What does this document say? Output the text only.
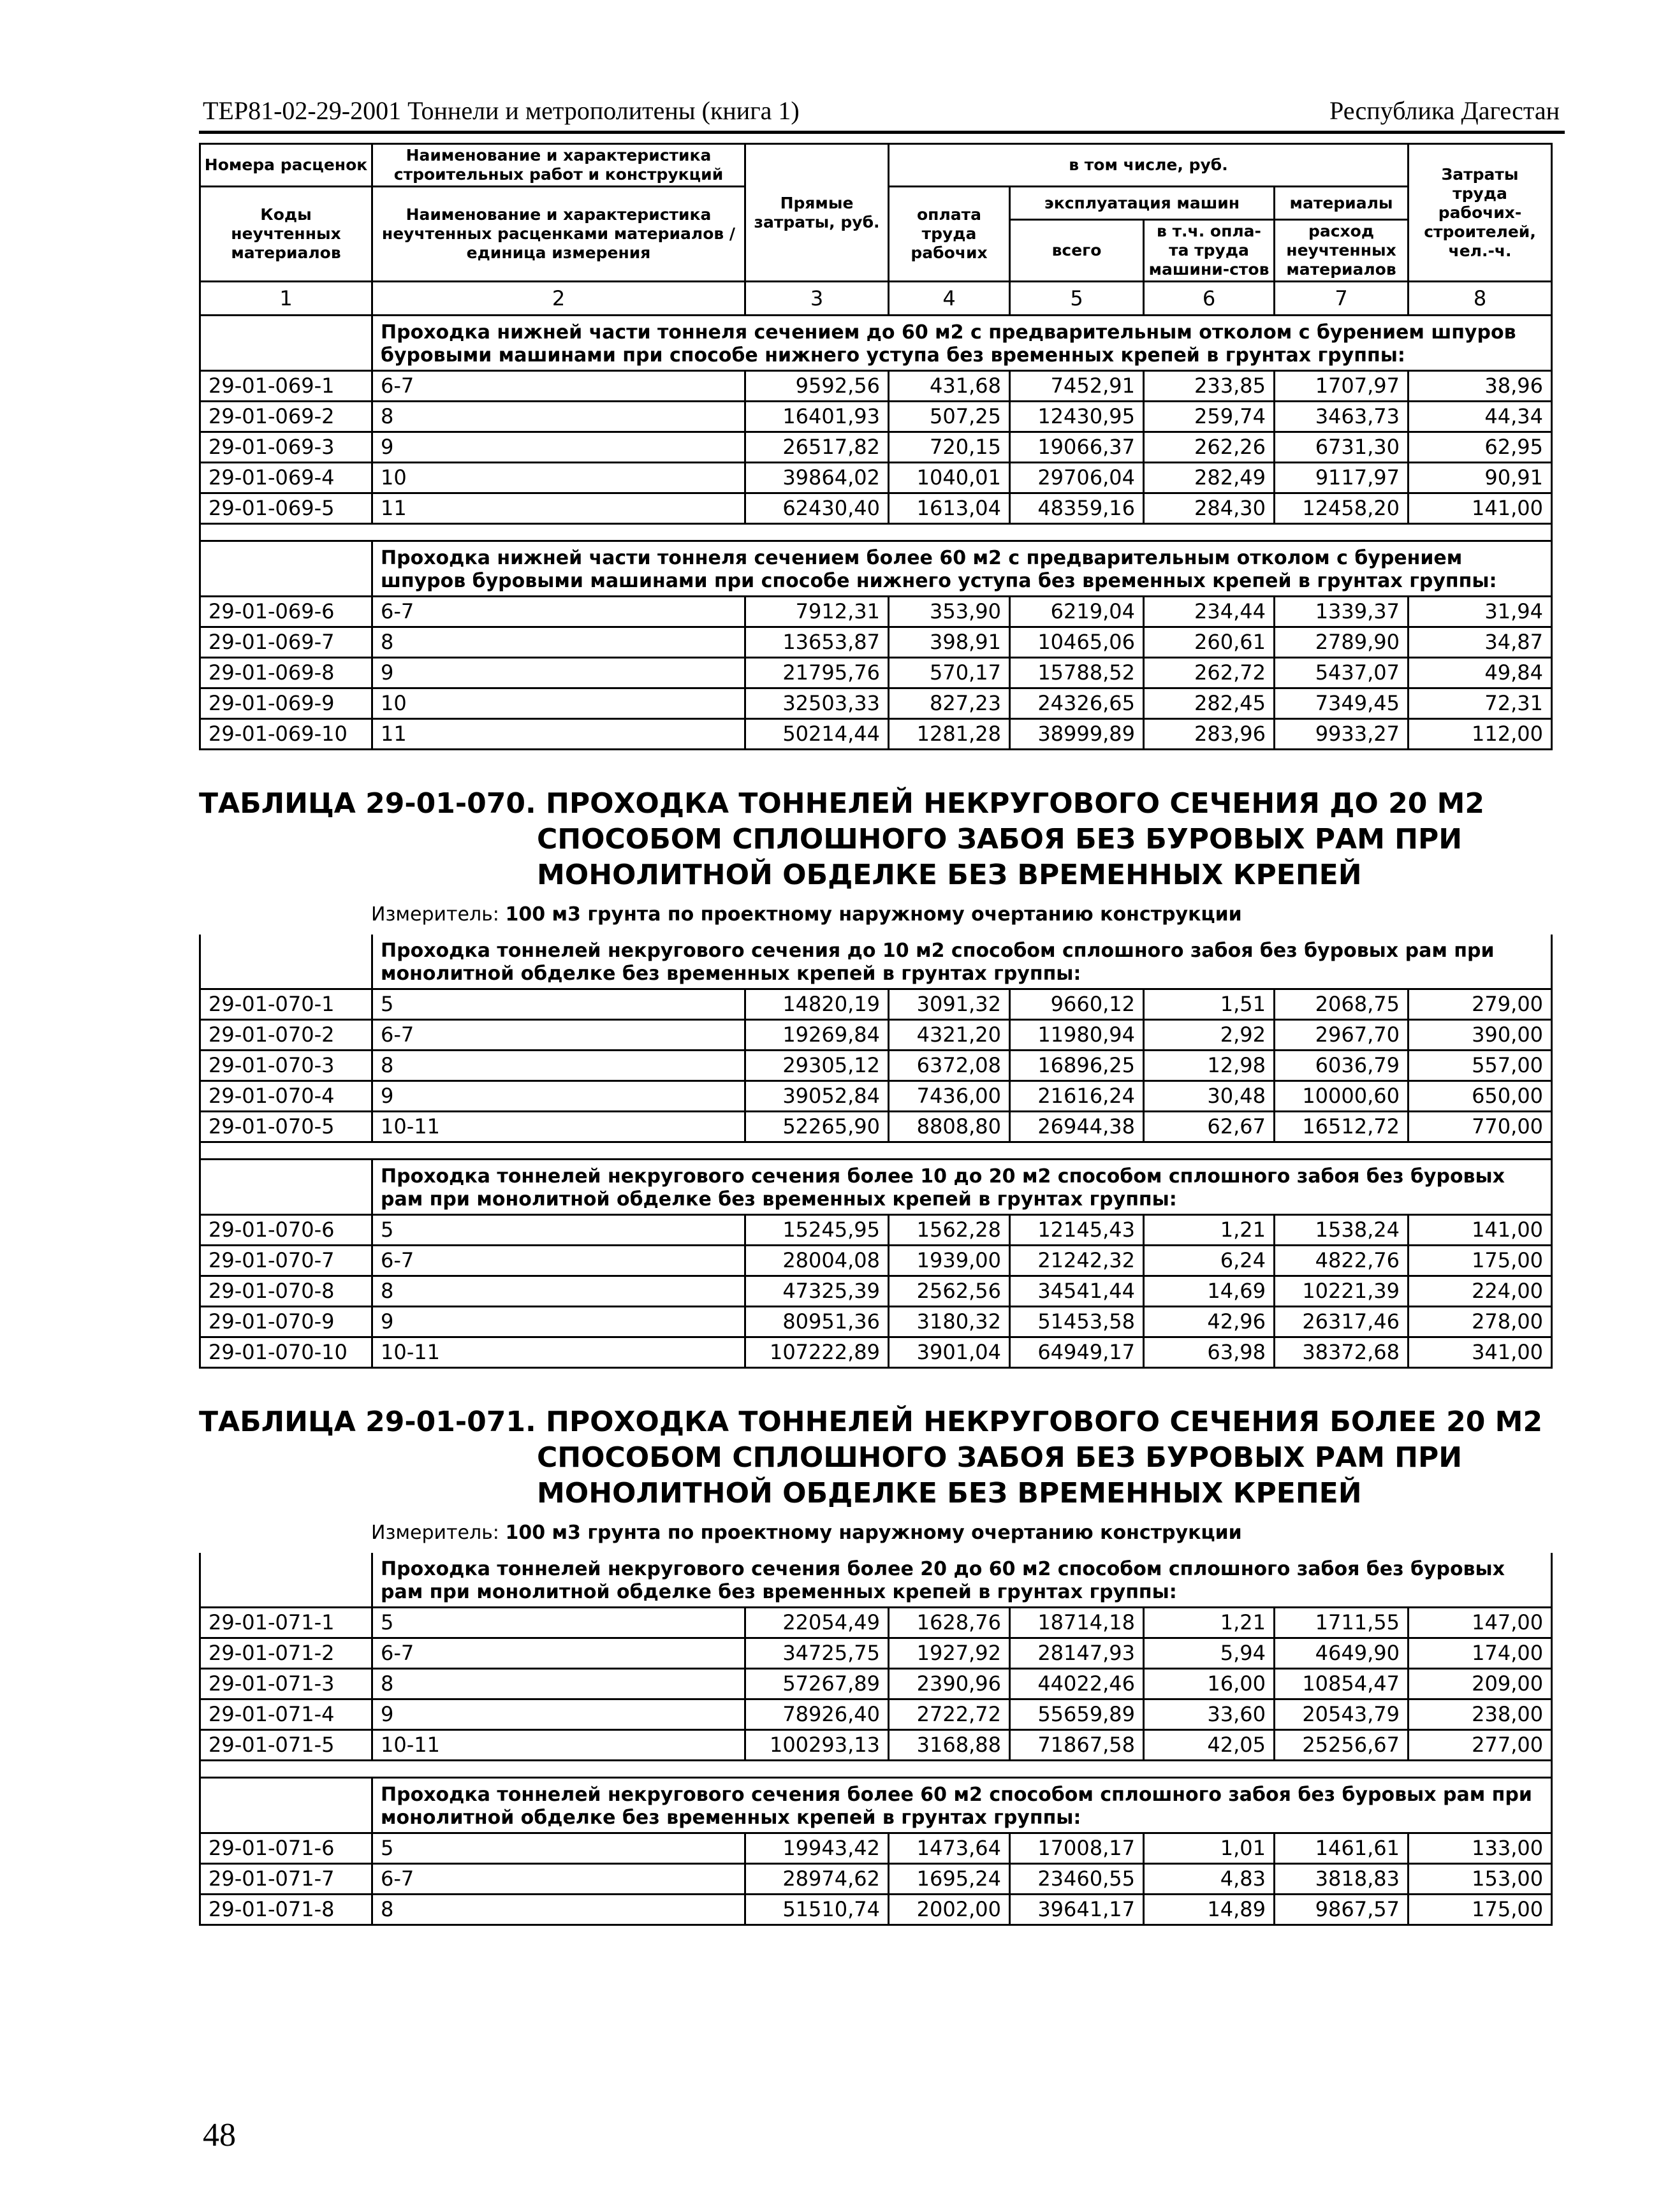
ТЕР81-02-29-2001 Тоннели и метрополитены (книга 1)	Республика Дагестан
Номера расценок	Наименование и характеристика строительных работ и конструкций	Прямые затраты, руб.	в том числе, руб.				Затраты труда рабочих-строителей, чел.-ч.
Коды неучтенных материалов	Наименование и характеристика неучтенных расценками материалов / единица измерения		оплата труда рабочих	эксплуатация машин		материалы	
				всего	в т.ч. опла-та труда машини-стов	расход неучтенных материалов	
1	2	3	4	5	6	7	8
	Проходка нижней части тоннеля сечением до 60 м2 с предварительным отколом с бурением шпуров буровыми машинами при способе нижнего уступа без временных крепей в грунтах группы:						
29-01-069-1	6-7	9592,56	431,68	7452,91	233,85	1707,97	38,96
29-01-069-2	8	16401,93	507,25	12430,95	259,74	3463,73	44,34
29-01-069-3	9	26517,82	720,15	19066,37	262,26	6731,30	62,95
29-01-069-4	10	39864,02	1040,01	29706,04	282,49	9117,97	90,91
29-01-069-5	11	62430,40	1613,04	48359,16	284,30	12458,20	141,00

	Проходка нижней части тоннеля сечением более 60 м2 с предварительным отколом с бурением шпуров буровыми машинами при способе нижнего уступа без временных крепей в грунтах группы:						
29-01-069-6	6-7	7912,31	353,90	6219,04	234,44	1339,37	31,94
29-01-069-7	8	13653,87	398,91	10465,06	260,61	2789,90	34,87
29-01-069-8	9	21795,76	570,17	15788,52	262,72	5437,07	49,84
29-01-069-9	10	32503,33	827,23	24326,65	282,45	7349,45	72,31
29-01-069-10	11	50214,44	1281,28	38999,89	283,96	9933,27	112,00
ТАБЛИЦА 29-01-070. ПРОХОДКА ТОННЕЛЕЙ НЕКРУГОВОГО СЕЧЕНИЯ ДО 20 М2
СПОСОБОМ СПЛОШНОГО ЗАБОЯ БЕЗ БУРОВЫХ РАМ ПРИ
МОНОЛИТНОЙ ОБДЕЛКЕ БЕЗ ВРЕМЕННЫХ КРЕПЕЙ
Измеритель: 100 м3 грунта по проектному наружному очертанию конструкции
	Проходка тоннелей некругового сечения до 10 м2 способом сплошного забоя без буровых рам при монолитной обделке без временных крепей в грунтах группы:						
29-01-070-1	5	14820,19	3091,32	9660,12	1,51	2068,75	279,00
29-01-070-2	6-7	19269,84	4321,20	11980,94	2,92	2967,70	390,00
29-01-070-3	8	29305,12	6372,08	16896,25	12,98	6036,79	557,00
29-01-070-4	9	39052,84	7436,00	21616,24	30,48	10000,60	650,00
29-01-070-5	10-11	52265,90	8808,80	26944,38	62,67	16512,72	770,00

	Проходка тоннелей некругового сечения более 10 до 20 м2 способом сплошного забоя без буровых рам при монолитной обделке без временных крепей в грунтах группы:						
29-01-070-6	5	15245,95	1562,28	12145,43	1,21	1538,24	141,00
29-01-070-7	6-7	28004,08	1939,00	21242,32	6,24	4822,76	175,00
29-01-070-8	8	47325,39	2562,56	34541,44	14,69	10221,39	224,00
29-01-070-9	9	80951,36	3180,32	51453,58	42,96	26317,46	278,00
29-01-070-10	10-11	107222,89	3901,04	64949,17	63,98	38372,68	341,00
ТАБЛИЦА 29-01-071. ПРОХОДКА ТОННЕЛЕЙ НЕКРУГОВОГО СЕЧЕНИЯ БОЛЕЕ 20 М2
СПОСОБОМ СПЛОШНОГО ЗАБОЯ БЕЗ БУРОВЫХ РАМ ПРИ
МОНОЛИТНОЙ ОБДЕЛКЕ БЕЗ ВРЕМЕННЫХ КРЕПЕЙ
Измеритель: 100 м3 грунта по проектному наружному очертанию конструкции
	Проходка тоннелей некругового сечения более 20 до 60 м2 способом сплошного забоя без буровых рам при монолитной обделке без временных крепей в грунтах группы:						
29-01-071-1	5	22054,49	1628,76	18714,18	1,21	1711,55	147,00
29-01-071-2	6-7	34725,75	1927,92	28147,93	5,94	4649,90	174,00
29-01-071-3	8	57267,89	2390,96	44022,46	16,00	10854,47	209,00
29-01-071-4	9	78926,40	2722,72	55659,89	33,60	20543,79	238,00
29-01-071-5	10-11	100293,13	3168,88	71867,58	42,05	25256,67	277,00

	Проходка тоннелей некругового сечения более 60 м2 способом сплошного забоя без буровых рам при монолитной обделке без временных крепей в грунтах группы:						
29-01-071-6	5	19943,42	1473,64	17008,17	1,01	1461,61	133,00
29-01-071-7	6-7	28974,62	1695,24	23460,55	4,83	3818,83	153,00
29-01-071-8	8	51510,74	2002,00	39641,17	14,89	9867,57	175,00
48
